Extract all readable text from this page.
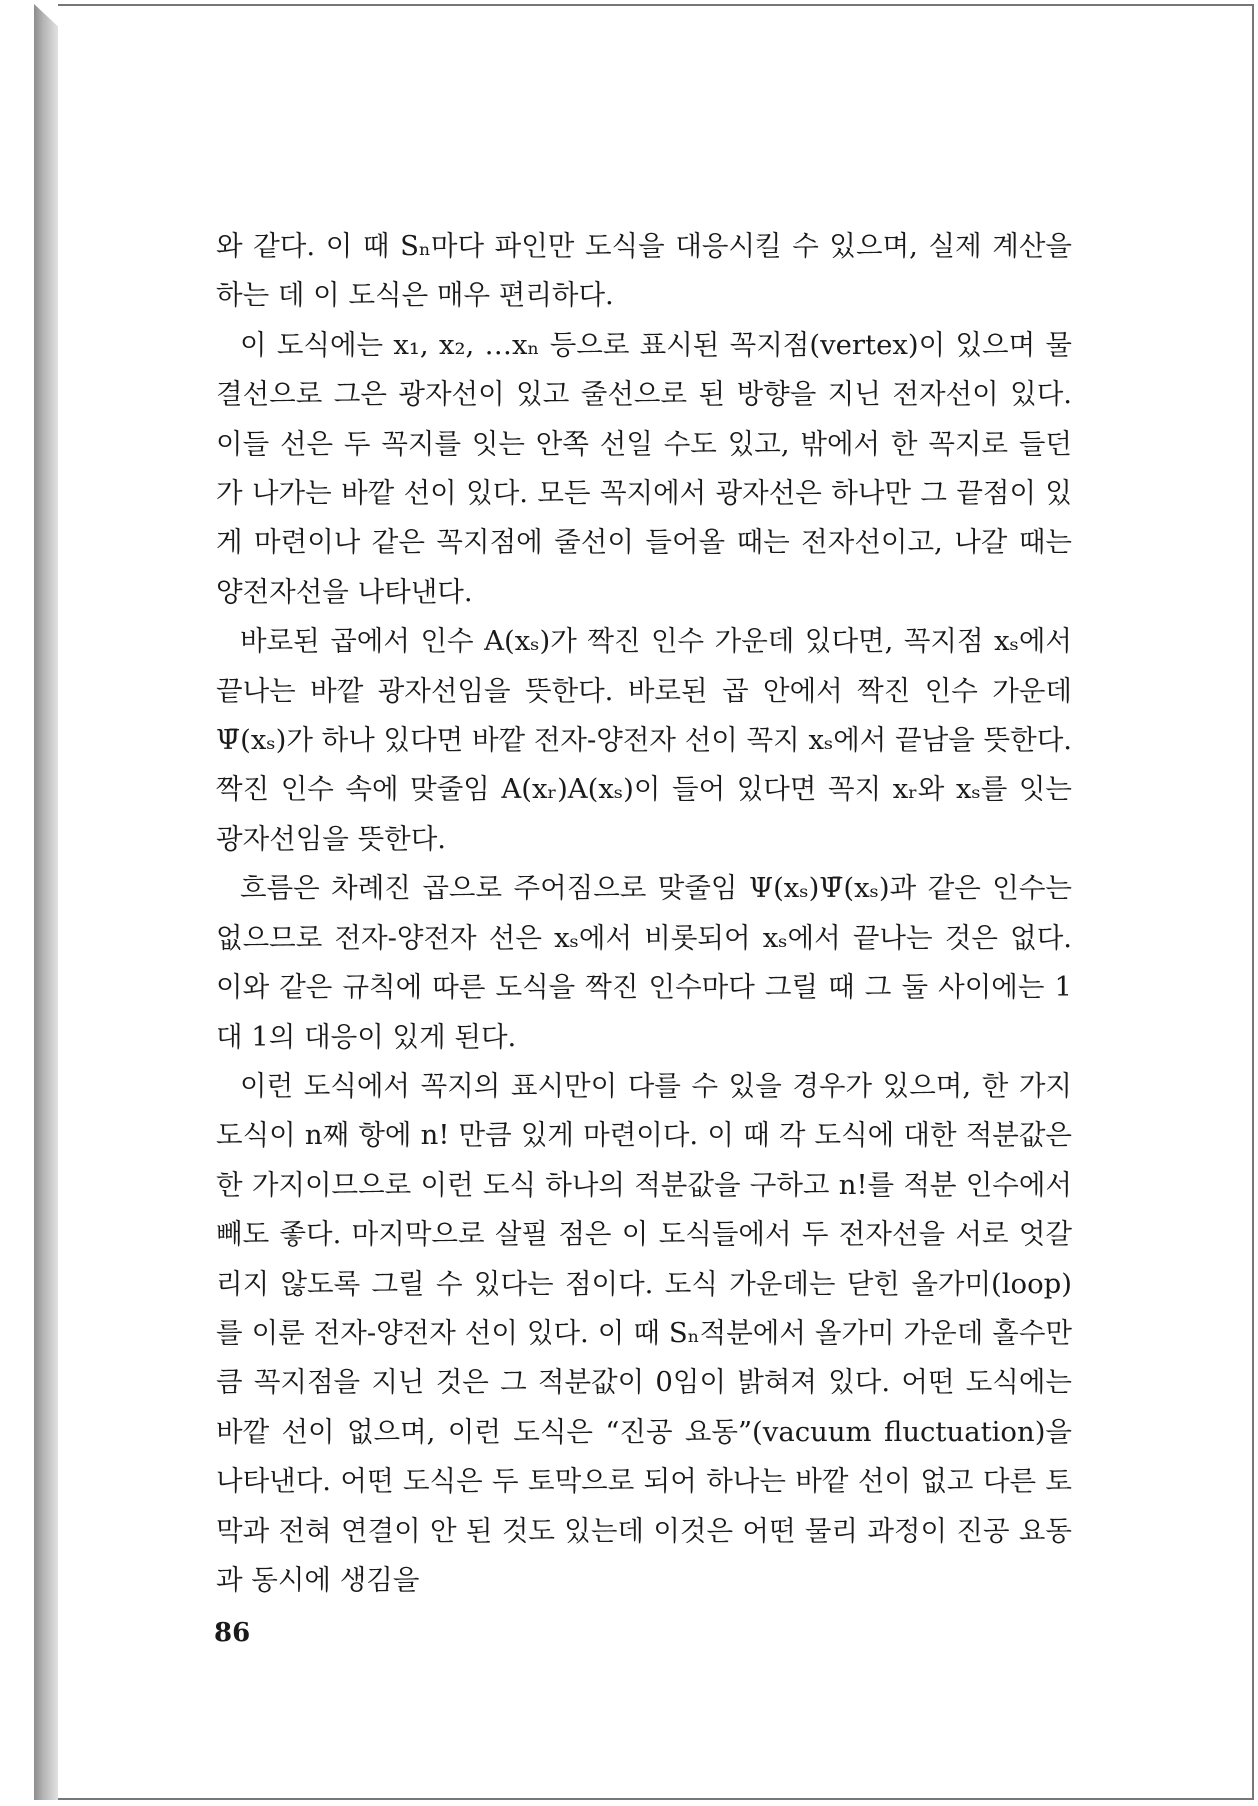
와 같다. 이 때 Sₙ마다 파인만 도식을 대응시킬 수 있으며, 실제 계산을 하는 데 이 도식은 매우 편리하다.

이 도식에는 x₁, x₂, …xₙ 등으로 표시된 꼭지점(vertex)이 있으며 물결선으로 그은 광자선이 있고 줄선으로 된 방향을 지닌 전자선이 있다. 이들 선은 두 꼭지를 잇는 안쪽 선일 수도 있고, 밖에서 한 꼭지로 들던가 나가는 바깥 선이 있다. 모든 꼭지에서 광자선은 하나만 그 끝점이 있게 마련이나 같은 꼭지점에 줄선이 들어올 때는 전자선이고, 나갈 때는 양전자선을 나타낸다.

바로된 곱에서 인수 A(xₛ)가 짝진 인수 가운데 있다면, 꼭지점 xₛ에서 끝나는 바깥 광자선임을 뜻한다. 바로된 곱 안에서 짝진 인수 가운데 Ψ̄(xₛ)가 하나 있다면 바깥 전자-양전자 선이 꼭지 xₛ에서 끝남을 뜻한다. 짝진 인수 속에 맞줄임 A(xᵣ)A(xₛ)이 들어 있다면 꼭지 xᵣ와 xₛ를 잇는 광자선임을 뜻한다.

흐름은 차례진 곱으로 주어짐으로 맞줄임 Ψ(xₛ)Ψ̄(xₛ)과 같은 인수는 없으므로 전자-양전자 선은 xₛ에서 비롯되어 xₛ에서 끝나는 것은 없다. 이와 같은 규칙에 따른 도식을 짝진 인수마다 그릴 때 그 둘 사이에는 1대 1의 대응이 있게 된다.

이런 도식에서 꼭지의 표시만이 다를 수 있을 경우가 있으며, 한 가지 도식이 n째 항에 n! 만큼 있게 마련이다. 이 때 각 도식에 대한 적분값은 한 가지이므으로 이런 도식 하나의 적분값을 구하고 n!를 적분 인수에서 빼도 좋다. 마지막으로 살필 점은 이 도식들에서 두 전자선을 서로 엇갈리지 않도록 그릴 수 있다는 점이다. 도식 가운데는 닫힌 올가미(loop)를 이룬 전자-양전자 선이 있다. 이 때 Sₙ적분에서 올가미 가운데 홀수만큼 꼭지점을 지닌 것은 그 적분값이 0임이 밝혀져 있다. 어떤 도식에는 바깥 선이 없으며, 이런 도식은 “진공 요동”(vacuum fluctuation)을 나타낸다. 어떤 도식은 두 토막으로 되어 하나는 바깥 선이 없고 다른 토막과 전혀 연결이 안 된 것도 있는데 이것은 어떤 물리 과정이 진공 요동과 동시에 생김을

86
